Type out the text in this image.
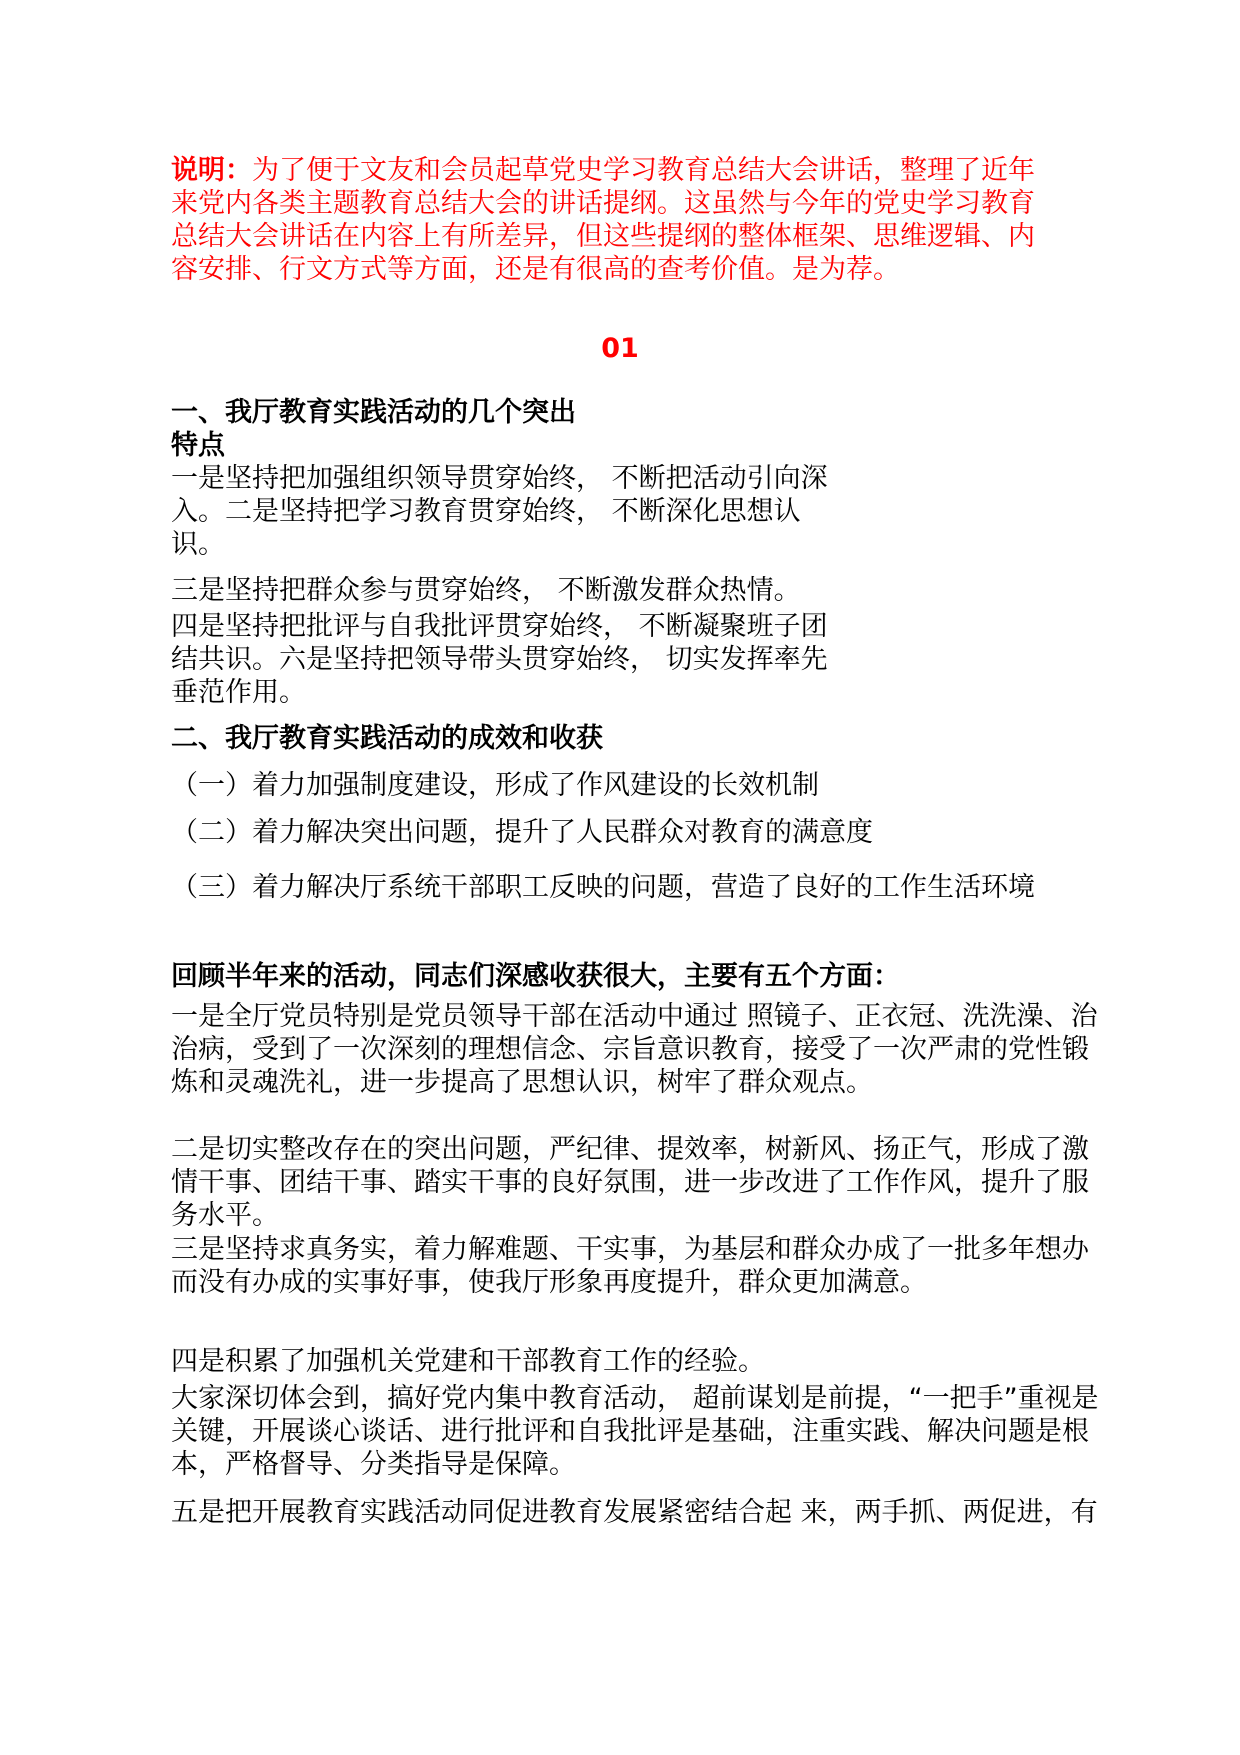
说明：为了便于文友和会员起草党史学习教育总结大会讲话，整理了近年来党内各类主题教育总结大会的讲话提纲。这虽然与今年的党史学习教育总结大会讲话在内容上有所差异，但这些提纲的整体框架、思维逻辑、内容安排、行文方式等方面，还是有很高的查考价值。是为荐。
01
一、我厅教育实践活动的几个突出特点
一是坚持把加强组织领导贯穿始终， 不断把活动引向深入。二是坚持把学习教育贯穿始终， 不断深化思想认识。
三是坚持把群众参与贯穿始终， 不断激发群众热情。
四是坚持把批评与自我批评贯穿始终， 不断凝聚班子团结共识。六是坚持把领导带头贯穿始终， 切实发挥率先垂范作用。
二、我厅教育实践活动的成效和收获
（一）着力加强制度建设，形成了作风建设的长效机制
（二）着力解决突出问题，提升了人民群众对教育的满意度
（三）着力解决厅系统干部职工反映的问题，营造了良好的工作生活环境
回顾半年来的活动，同志们深感收获很大，主要有五个方面：
一是全厅党员特别是党员领导干部在活动中通过 照镜子、正衣冠、洗洗澡、治治病，受到了一次深刻的理想信念、宗旨意识教育，接受了一次严肃的党性锻炼和灵魂洗礼，进一步提高了思想认识，树牢了群众观点。
二是切实整改存在的突出问题，严纪律、提效率，树新风、扬正气，形成了激情干事、团结干事、踏实干事的良好氛围，进一步改进了工作作风，提升了服务水平。
三是坚持求真务实，着力解难题、干实事，为基层和群众办成了一批多年想办而没有办成的实事好事，使我厅形象再度提升，群众更加满意。
四是积累了加强机关党建和干部教育工作的经验。
大家深切体会到，搞好党内集中教育活动， 超前谋划是前提，“一把手”重视是关键，开展谈心谈话、进行批评和自我批评是基础，注重实践、解决问题是根本，严格督导、分类指导是保障。
五是把开展教育实践活动同促进教育发展紧密结合起 来，两手抓、两促进，有
